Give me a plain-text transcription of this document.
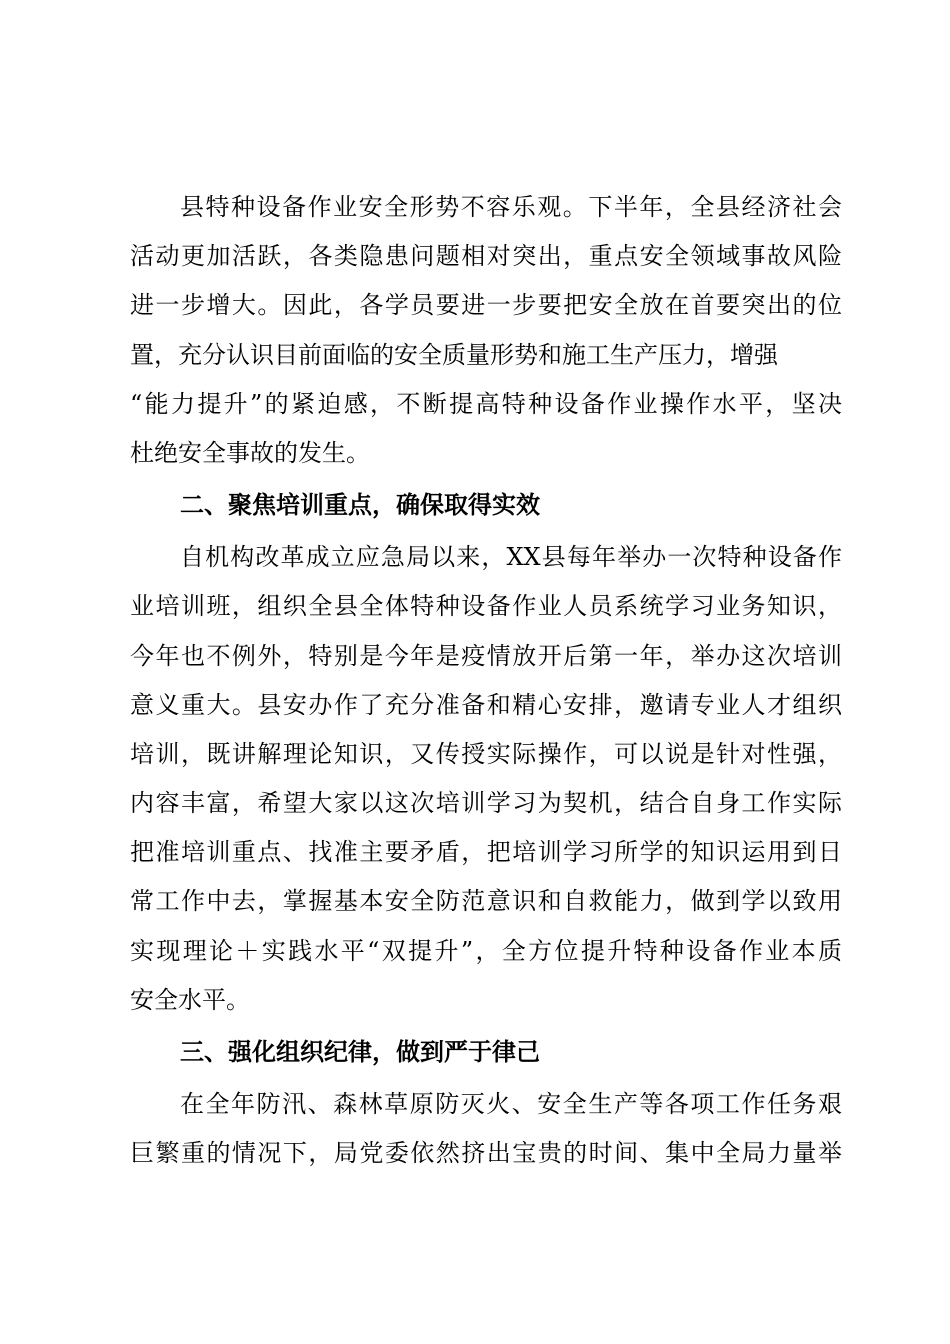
县特种设备作业安全形势不容乐观。下半年，全县经济社会
活动更加活跃，各类隐患问题相对突出，重点安全领域事故风险
进一步增大。因此，各学员要进一步要把安全放在首要突出的位
置，充分认识目前面临的安全质量形势和施工生产压力，增强
“能力提升”的紧迫感，不断提高特种设备作业操作水平，坚决
杜绝安全事故的发生。
二、聚焦培训重点，确保取得实效
自机构改革成立应急局以来，XX县每年举办一次特种设备作
业培训班，组织全县全体特种设备作业人员系统学习业务知识，
今年也不例外，特别是今年是疫情放开后第一年，举办这次培训
意义重大。县安办作了充分准备和精心安排，邀请专业人才组织
培训，既讲解理论知识，又传授实际操作，可以说是针对性强，
内容丰富，希望大家以这次培训学习为契机，结合自身工作实际
把准培训重点、找准主要矛盾，把培训学习所学的知识运用到日
常工作中去，掌握基本安全防范意识和自救能力，做到学以致用
实现理论＋实践水平“双提升”，全方位提升特种设备作业本质
安全水平。
三、强化组织纪律，做到严于律己
在全年防汛、森林草原防灭火、安全生产等各项工作任务艰
巨繁重的情况下，局党委依然挤出宝贵的时间、集中全局力量举
